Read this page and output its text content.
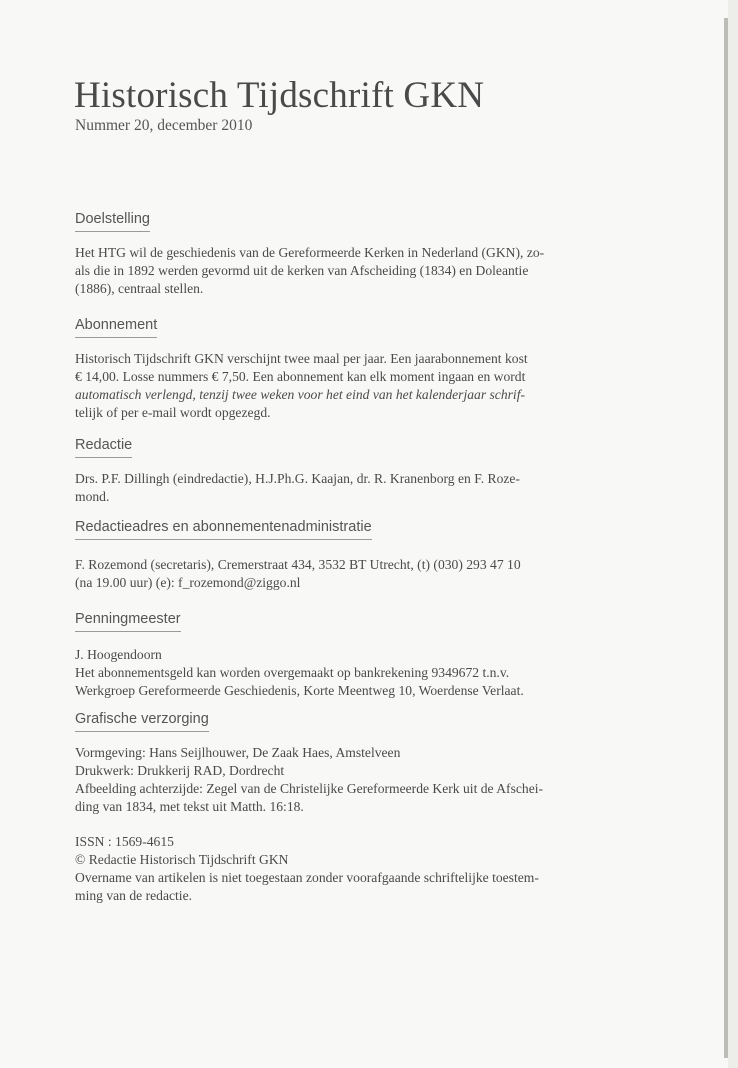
Historisch Tijdschrift GKN
Nummer 20, december 2010
Doelstelling
Het HTG wil de geschiedenis van de Gereformeerde Kerken in Nederland (GKN), zo-
als die in 1892 werden gevormd uit de kerken van Afscheiding (1834) en Doleantie
(1886), centraal stellen.
Abonnement
Historisch Tijdschrift GKN verschijnt twee maal per jaar. Een jaarabonnement kost
€ 14,00. Losse nummers € 7,50. Een abonnement kan elk moment ingaan en wordt
automatisch verlengd, tenzij twee weken voor het eind van het kalenderjaar schrif-
telijk of per e-mail wordt opgezegd.
Redactie
Drs. P.F. Dillingh (eindredactie), H.J.Ph.G. Kaajan, dr. R. Kranenborg en F. Roze-
mond.
Redactieadres en abonnementenadministratie
F. Rozemond (secretaris), Cremerstraat 434, 3532 BT Utrecht, (t) (030) 293 47 10
(na 19.00 uur) (e): f_rozemond@ziggo.nl
Penningmeester
J. Hoogendoorn
Het abonnementsgeld kan worden overgemaakt op bankrekening 9349672 t.n.v.
Werkgroep Gereformeerde Geschiedenis, Korte Meentweg 10, Woerdense Verlaat.
Grafische verzorging
Vormgeving: Hans Seijlhouwer, De Zaak Haes, Amstelveen
Drukwerk: Drukkerij RAD, Dordrecht
Afbeelding achterzijde: Zegel van de Christelijke Gereformeerde Kerk uit de Afschei-
ding van 1834, met tekst uit Matth. 16:18.
ISSN : 1569-4615
© Redactie Historisch Tijdschrift GKN
Overname van artikelen is niet toegestaan zonder voorafgaande schriftelijke toestem-
ming van de redactie.
